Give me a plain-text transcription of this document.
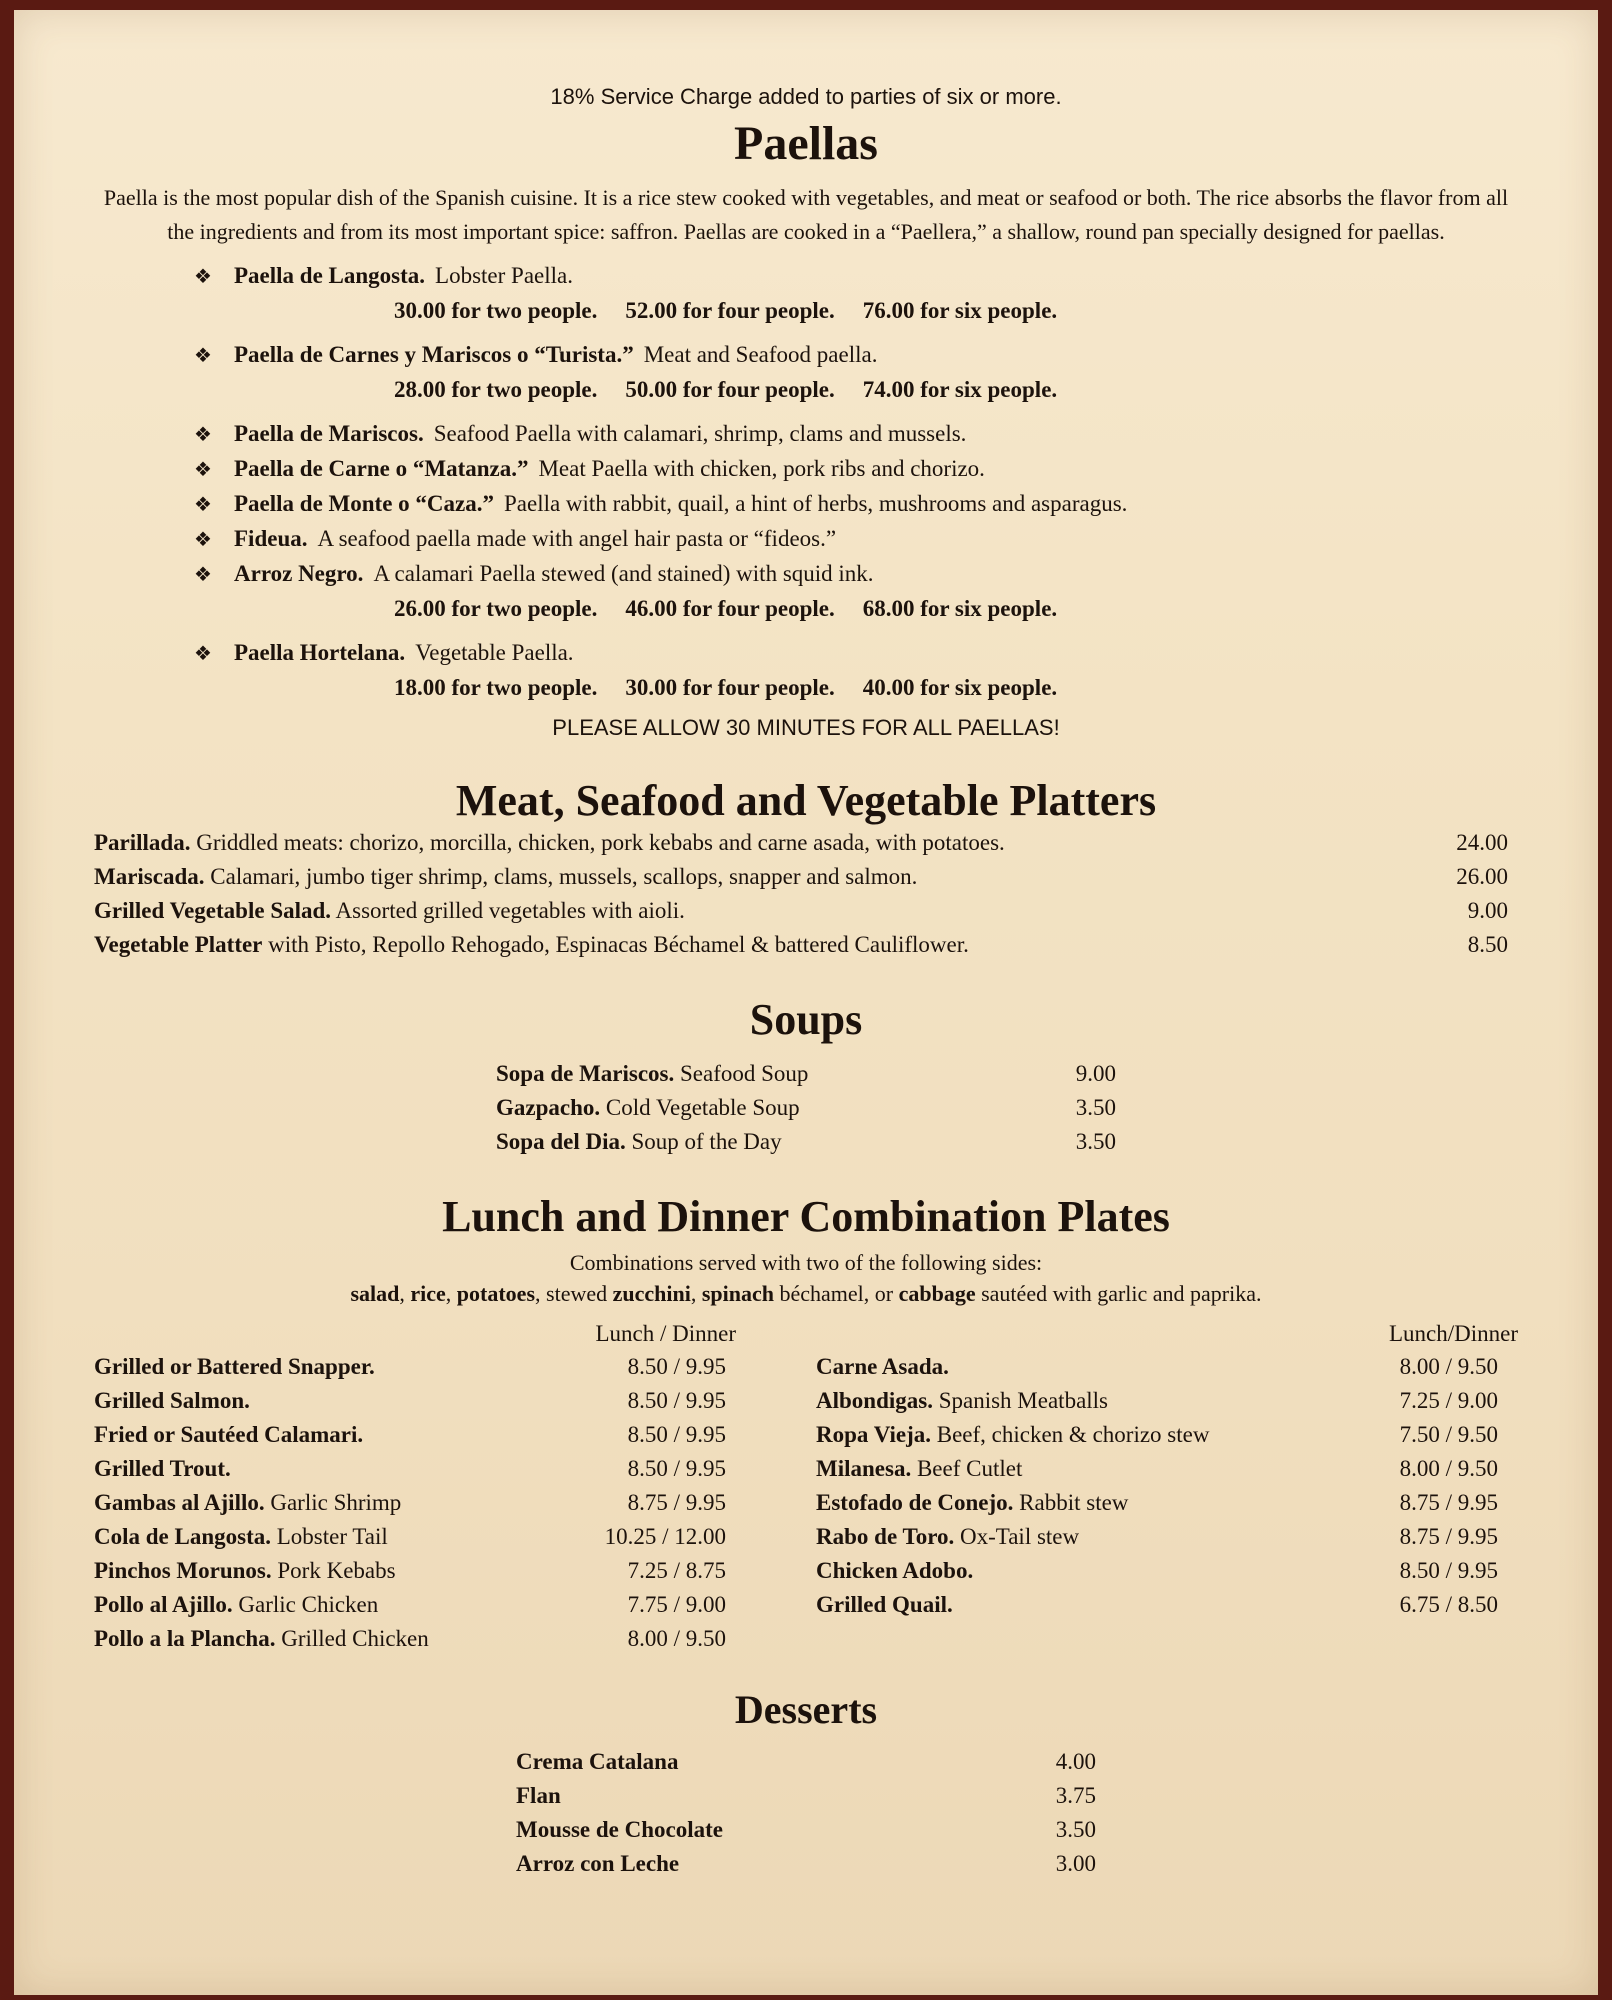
18% Service Charge added to parties of six or more.
Paellas
Paella is the most popular dish of the Spanish cuisine. It is a rice stew cooked with vegetables, and meat or seafood or both. The rice absorbs the flavor from all the ingredients and from its most important spice: saffron. Paellas are cooked in a “Paellera,” a shallow, round pan specially designed for paellas.
❖ Paella de Langosta. Lobster Paella.
30.00 for two people. 52.00 for four people. 76.00 for six people.
❖ Paella de Carnes y Mariscos o “Turista.” Meat and Seafood paella.
28.00 for two people. 50.00 for four people. 74.00 for six people.
❖ Paella de Mariscos. Seafood Paella with calamari, shrimp, clams and mussels.
❖ Paella de Carne o “Matanza.” Meat Paella with chicken, pork ribs and chorizo.
❖ Paella de Monte o “Caza.” Paella with rabbit, quail, a hint of herbs, mushrooms and asparagus.
❖ Fideua. A seafood paella made with angel hair pasta or “fideos.”
❖ Arroz Negro. A calamari Paella stewed (and stained) with squid ink.
26.00 for two people. 46.00 for four people. 68.00 for six people.
❖ Paella Hortelana. Vegetable Paella.
18.00 for two people. 30.00 for four people. 40.00 for six people.
PLEASE ALLOW 30 MINUTES FOR ALL PAELLAS!
Meat, Seafood and Vegetable Platters
Parillada. Griddled meats: chorizo, morcilla, chicken, pork kebabs and carne asada, with potatoes.	24.00
Mariscada. Calamari, jumbo tiger shrimp, clams, mussels, scallops, snapper and salmon.	26.00
Grilled Vegetable Salad. Assorted grilled vegetables with aioli.	9.00
Vegetable Platter with Pisto, Repollo Rehogado, Espinacas Béchamel & battered Cauliflower.	8.50
Soups
Sopa de Mariscos. Seafood Soup	9.00
Gazpacho. Cold Vegetable Soup	3.50
Sopa del Dia. Soup of the Day	3.50
Lunch and Dinner Combination Plates
Combinations served with two of the following sides:
salad, rice, potatoes, stewed zucchini, spinach béchamel, or cabbage sautéed with garlic and paprika.
Lunch / Dinner
Grilled or Battered Snapper.	8.50 / 9.95
Grilled Salmon.	8.50 / 9.95
Fried or Sautéed Calamari.	8.50 / 9.95
Grilled Trout.	8.50 / 9.95
Gambas al Ajillo. Garlic Shrimp	8.75 / 9.95
Cola de Langosta. Lobster Tail	10.25 / 12.00
Pinchos Morunos. Pork Kebabs	7.25 / 8.75
Pollo al Ajillo. Garlic Chicken	7.75 / 9.00
Pollo a la Plancha. Grilled Chicken	8.00 / 9.50
Lunch/Dinner
Carne Asada.	8.00 / 9.50
Albondigas. Spanish Meatballs	7.25 / 9.00
Ropa Vieja. Beef, chicken & chorizo stew	7.50 / 9.50
Milanesa. Beef Cutlet	8.00 / 9.50
Estofado de Conejo. Rabbit stew	8.75 / 9.95
Rabo de Toro. Ox-Tail stew	8.75 / 9.95
Chicken Adobo.	8.50 / 9.95
Grilled Quail.	6.75 / 8.50
Desserts
Crema Catalana	4.00
Flan	3.75
Mousse de Chocolate	3.50
Arroz con Leche	3.00
